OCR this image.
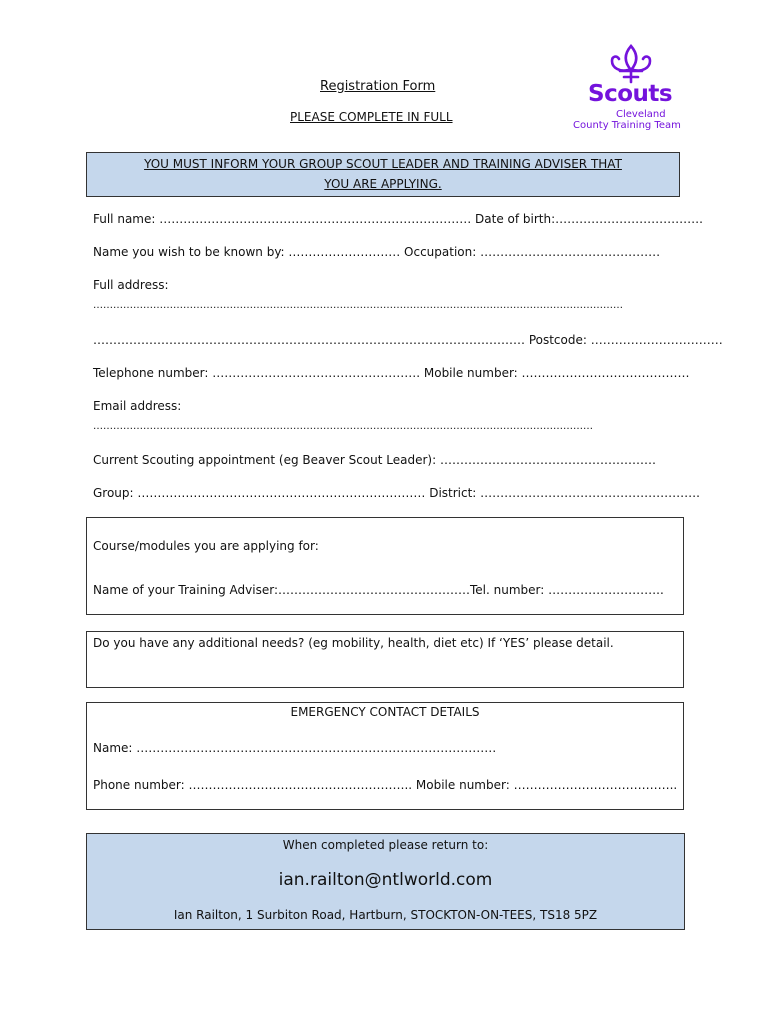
Registration Form
PLEASE COMPLETE IN FULL
Scouts
Cleveland
County Training Team
YOU MUST INFORM YOUR GROUP SCOUT LEADER AND TRAINING ADVISER THAT
YOU ARE APPLYING.
Full name: …………………………………………………………………… Date of birth:……………………………….
Name you wish to be known by: …………………….… Occupation: ………………………………………
Full address:
……………………………………………………………………………………………………………………………………………
……………………………………………………………………………………………… Postcode: ……………………………
Telephone number: ……………………………………………. Mobile number: ……………………………………
Email address:
……………………………………………………………………………………………………………………………………
Current Scouting appointment (eg Beaver Scout Leader): ………………………………………………
Group: ……………………………………………………………… District: ……………………………………………….
Course/modules you are applying for:
Name of your Training Adviser:…………………………………………Tel. number: ………………………..
Do you have any additional needs? (eg mobility, health, diet etc) If ‘YES’ please detail.
EMERGENCY CONTACT DETAILS
Name: ………………………………………………………………………………
Phone number: ……………………………………………….. Mobile number: …………………………………..
When completed please return to:
ian.railton@ntlworld.com
Ian Railton, 1 Surbiton Road, Hartburn, STOCKTON-ON-TEES, TS18 5PZ
